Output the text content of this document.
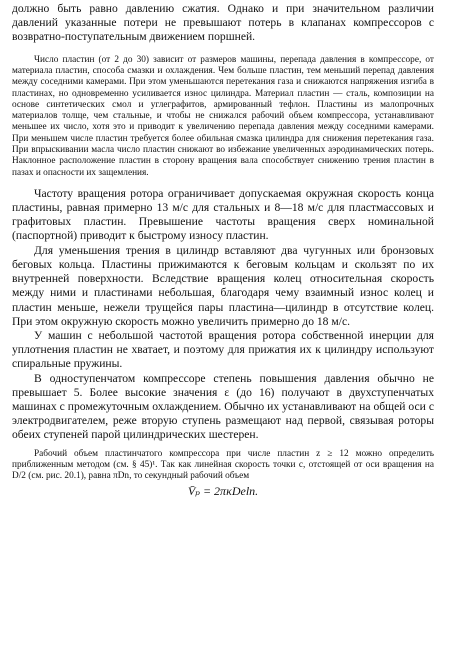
должно быть равно давлению сжатия. Однако и при значительном различии давлений указанные потери не превышают потерь в клапанах компрессоров с возвратно-поступательным движением поршней.

Число пластин (от 2 до 30) зависит от размеров машины, перепада давления в компрессоре, от материала пластин, способа смазки и охлаждения. Чем больше пластин, тем меньший перепад давления между соседними камерами. При этом уменьшаются перетекания газа и снижаются напряжения изгиба в пластинах, но одновременно усиливается износ цилиндра. Материал пластин — сталь, композиции на основе синтетических смол и углеграфитов, армированный тефлон. Пластины из малопрочных материалов толще, чем стальные, и чтобы не снижался рабочий объем компрессора, устанавливают меньшее их число, хотя это и приводит к увеличению перепада давления между соседними камерами. При меньшем числе пластин требуется более обильная смазка цилиндра для снижения перетекания газа. При впрыскивании масла число пластин снижают во избежание увеличенных аэродинамических потерь. Наклонное расположение пластин в сторону вращения вала способствует снижению трения пластин в пазах и опасности их защемления.

Частоту вращения ротора ограничивает допускаемая окружная скорость конца пластины, равная примерно 13 м/с для стальных и 8—18 м/с для пластмассовых и графитовых пластин. Превышение частоты вращения сверх номинальной (паспортной) приводит к быстрому износу пластин.

Для уменьшения трения в цилиндр вставляют два чугунных или бронзовых беговых кольца. Пластины прижимаются к беговым кольцам и скользят по их внутренней поверхности. Вследствие вращения колец относительная скорость между ними и пластинами небольшая, благодаря чему взаимный износ колец и пластин меньше, нежели трущейся пары пластина—цилиндр в отсутствие колец. При этом окружную скорость можно увеличить примерно до 18 м/с.

У машин с небольшой частотой вращения ротора собственной инерции для уплотнения пластин не хватает, и поэтому для прижатия их к цилиндру используют спиральные пружины.

В одноступенчатом компрессоре степень повышения давления обычно не превышает 5. Более высокие значения ε (до 16) получают в двухступенчатых машинах с промежуточным охлаждением. Обычно их устанавливают на общей оси с электродвигателем, реже вторую ступень размещают над первой, связывая роторы обеих ступеней парой цилиндрических шестерен.

Рабочий объем пластинчатого компрессора при числе пластин z ≥ 12 можно определить приближенным методом (см. § 45)¹. Так как линейная скорость точки c, отстоящей от оси вращения на D/2 (см. рис. 20.1), равна πDn, то секундный рабочий объем

V̄ₚ = 2πκDeln.
